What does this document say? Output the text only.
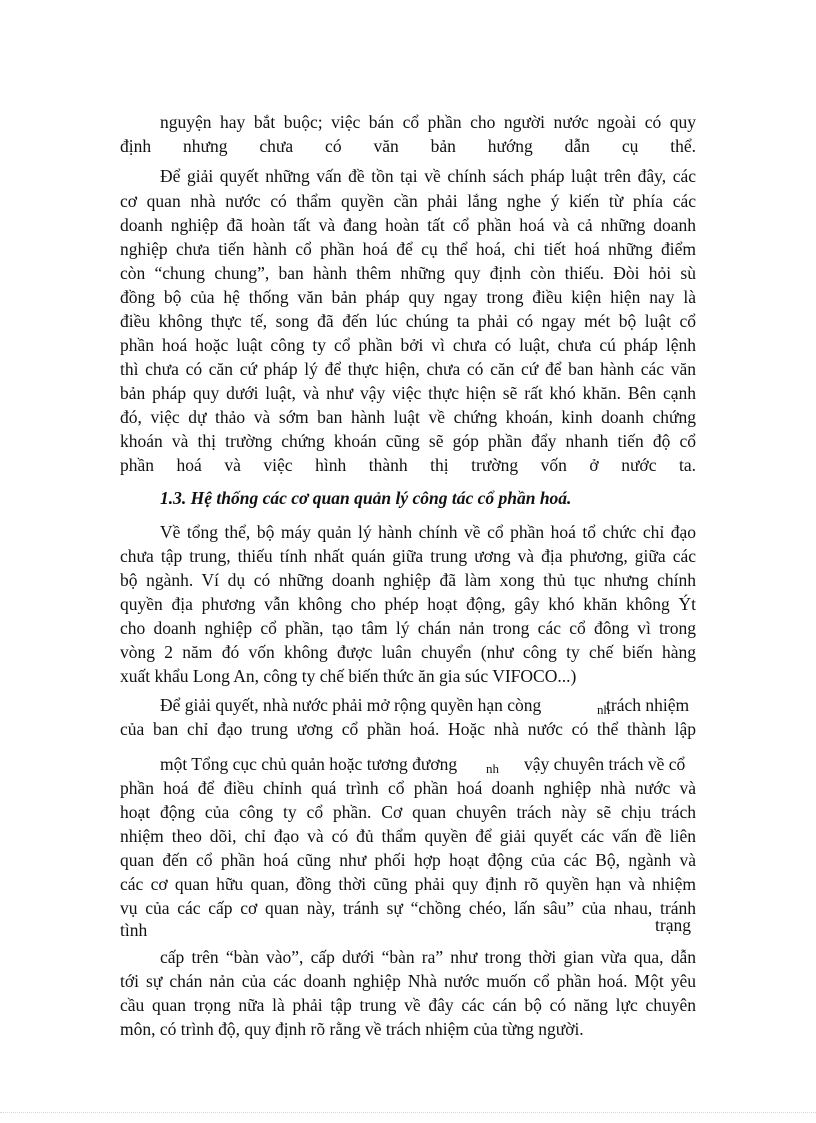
nguyện hay bắt buộc; việc bán cổ phần cho người nước ngoài có quy
định nhưng chưa có văn bản hướng dẫn cụ thể.
Để giải quyết những vấn đề tồn tại về chính sách pháp luật trên đây, các
cơ quan nhà nước có thẩm quyền cần phải lắng nghe ý kiến từ phía các
doanh nghiệp đã hoàn tất và đang hoàn tất cổ phần hoá và cả những doanh
nghiệp chưa tiến hành cổ phần hoá để cụ thể hoá, chi tiết hoá những điểm
còn “chung chung”, ban hành thêm những quy định còn thiếu. Đòi hỏi sù
đồng bộ của hệ thống văn bản pháp quy ngay trong điều kiện hiện nay là
điều không thực tế, song đã đến lúc chúng ta phải có ngay mét bộ luật cổ
phần hoá hoặc luật công ty cổ phần bởi vì chưa có luật, chưa cú pháp lệnh
thì chưa có căn cứ pháp lý để thực hiện, chưa có căn cứ để ban hành các văn
bản pháp quy dưới luật, và như vậy việc thực hiện sẽ rất khó khăn. Bên cạnh
đó, việc dự thảo và sớm ban hành luật về chứng khoán, kinh doanh chứng
khoán và thị trường chứng khoán cũng sẽ góp phần đẩy nhanh tiến độ cổ
phần hoá và việc hình thành thị trường vốn ở nước ta.
1.3. Hệ thống các cơ quan quản lý công tác cổ phần hoá.
Về tổng thể, bộ máy quản lý hành chính về cổ phần hoá tổ chức chỉ đạo
chưa tập trung, thiếu tính nhất quán giữa trung ương và địa phương, giữa các
bộ ngành. Ví dụ có những doanh nghiệp đã làm xong thủ tục nhưng chính
quyền địa phương vẫn không cho phép hoạt động, gây khó khăn không Ýt
cho doanh nghiệp cổ phần, tạo tâm lý chán nản trong các cổ đông vì trong
vòng 2 năm đó vốn không được luân chuyển (như công ty chế biến hàng
xuất khẩu Long An, công ty chế biến thức ăn gia súc VIFOCO...)
Để giải quyết, nhà nước phải mở rộng quyền hạn còng	nh
trách nhiệm
của ban chỉ đạo trung ương cổ phần hoá. Hoặc nhà nước có thể thành lập
một Tổng cục chủ quản hoặc tương đương nh vậy chuyên trách về cổ
phần hoá để điều chỉnh quá trình cổ phần hoá doanh nghiệp nhà nước và
hoạt động của công ty cổ phần. Cơ quan chuyên trách này sẽ chịu trách
nhiệm theo dõi, chỉ đạo và có đủ thẩm quyền để giải quyết các vấn đề liên
quan đến cổ phần hoá cũng như phối hợp hoạt động của các Bộ, ngành và
các cơ quan hữu quan, đồng thời cũng phải quy định rõ quyền hạn và nhiệm
vụ của các cấp cơ quan này, tránh sự “chồng chéo, lấn sâu” của nhau, tránh
trạng
tình
cấp trên “bàn vào”, cấp dưới “bàn ra” như trong thời gian vừa qua, dẫn
tới sự chán nản của các doanh nghiệp Nhà nước muốn cổ phần hoá. Một yêu
cầu quan trọng nữa là phải tập trung về đây các cán bộ có năng lực chuyên
môn, có trình độ, quy định rõ rằng về trách nhiệm của từng người.
